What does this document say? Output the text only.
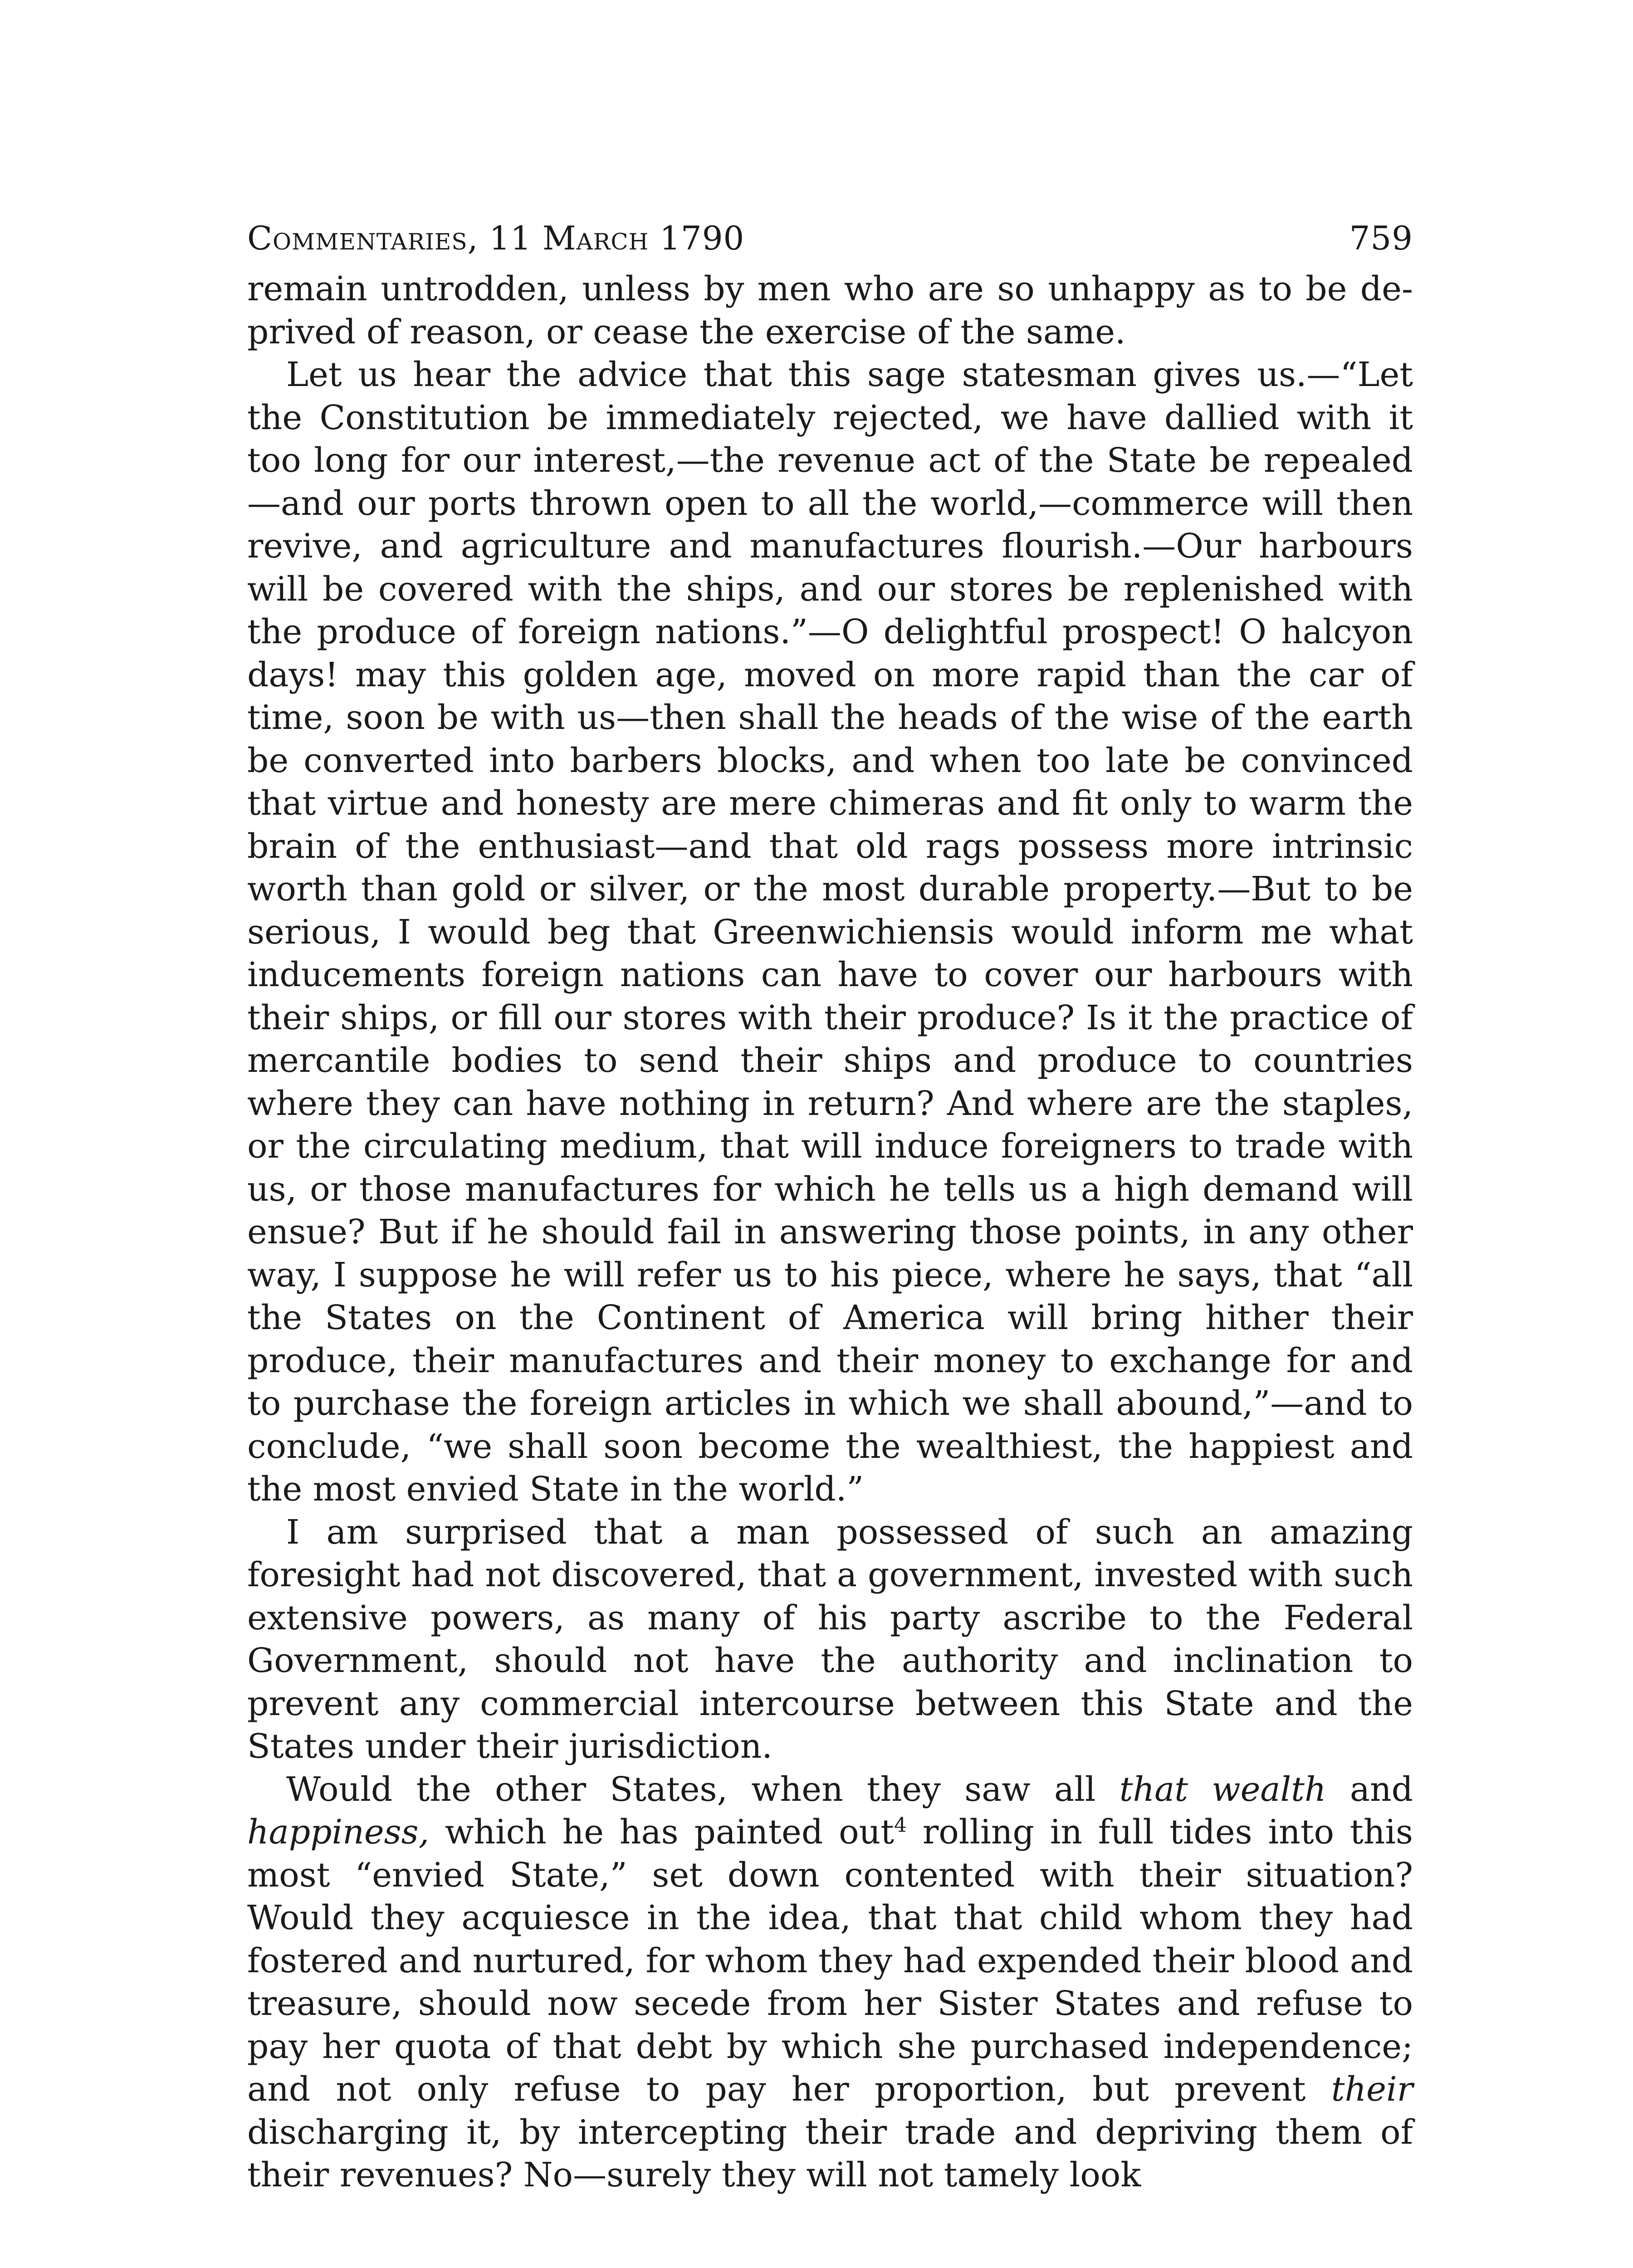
Commentaries, 11 March 1790	759

remain untrodden, unless by men who are so unhappy as to be deprived of reason, or cease the exercise of the same.

Let us hear the advice that this sage statesman gives us.—“Let the Constitution be immediately rejected, we have dallied with it too long for our interest,—the revenue act of the State be repealed—and our ports thrown open to all the world,—commerce will then revive, and agriculture and manufactures flourish.—Our harbours will be covered with the ships, and our stores be replenished with the produce of foreign nations.”—O delightful prospect! O halcyon days! may this golden age, moved on more rapid than the car of time, soon be with us—then shall the heads of the wise of the earth be converted into barbers blocks, and when too late be convinced that virtue and honesty are mere chimeras and fit only to warm the brain of the enthusiast—and that old rags possess more intrinsic worth than gold or silver, or the most durable property.—But to be serious, I would beg that Greenwichiensis would inform me what inducements foreign nations can have to cover our harbours with their ships, or fill our stores with their produce? Is it the practice of mercantile bodies to send their ships and produce to countries where they can have nothing in return? And where are the staples, or the circulating medium, that will induce foreigners to trade with us, or those manufactures for which he tells us a high demand will ensue? But if he should fail in answering those points, in any other way, I suppose he will refer us to his piece, where he says, that “all the States on the Continent of America will bring hither their produce, their manufactures and their money to exchange for and to purchase the foreign articles in which we shall abound,”—and to conclude, “we shall soon become the wealthiest, the happiest and the most envied State in the world.”

I am surprised that a man possessed of such an amazing foresight had not discovered, that a government, invested with such extensive powers, as many of his party ascribe to the Federal Government, should not have the authority and inclination to prevent any commercial intercourse between this State and the States under their jurisdiction.

Would the other States, when they saw all that wealth and happiness, which he has painted out$^4$ rolling in full tides into this most “envied State,” set down contented with their situation? Would they acquiesce in the idea, that that child whom they had fostered and nurtured, for whom they had expended their blood and treasure, should now secede from her Sister States and refuse to pay her quota of that debt by which she purchased independence; and not only refuse to pay her proportion, but prevent their discharging it, by intercepting their trade and depriving them of their revenues? No—surely they will not tamely look
